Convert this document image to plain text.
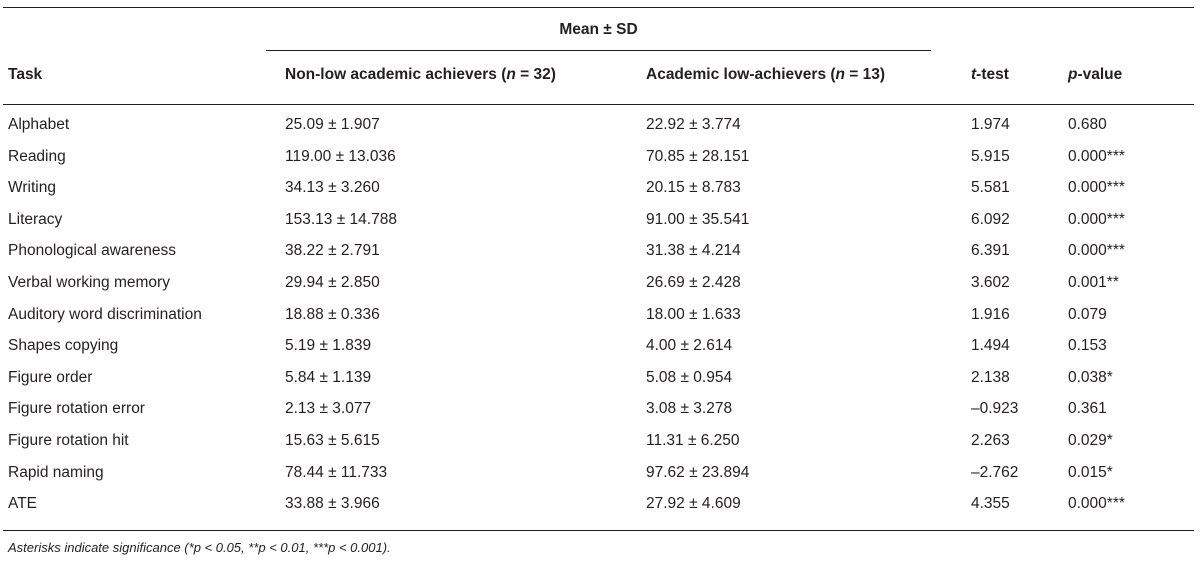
Mean ± SD
Task	Non-low academic achievers (n = 32)	Academic low-achievers (n = 13)	t-test	p-value
Alphabet	25.09 ± 1.907	22.92 ± 3.774	1.974	0.680
Reading	119.00 ± 13.036	70.85 ± 28.151	5.915	0.000***
Writing	34.13 ± 3.260	20.15 ± 8.783	5.581	0.000***
Literacy	153.13 ± 14.788	91.00 ± 35.541	6.092	0.000***
Phonological awareness	38.22 ± 2.791	31.38 ± 4.214	6.391	0.000***
Verbal working memory	29.94 ± 2.850	26.69 ± 2.428	3.602	0.001**
Auditory word discrimination	18.88 ± 0.336	18.00 ± 1.633	1.916	0.079
Shapes copying	5.19 ± 1.839	4.00 ± 2.614	1.494	0.153
Figure order	5.84 ± 1.139	5.08 ± 0.954	2.138	0.038*
Figure rotation error	2.13 ± 3.077	3.08 ± 3.278	–0.923	0.361
Figure rotation hit	15.63 ± 5.615	11.31 ± 6.250	2.263	0.029*
Rapid naming	78.44 ± 11.733	97.62 ± 23.894	–2.762	0.015*
ATE	33.88 ± 3.966	27.92 ± 4.609	4.355	0.000***
Asterisks indicate significance (*p < 0.05, **p < 0.01, ***p < 0.001).
